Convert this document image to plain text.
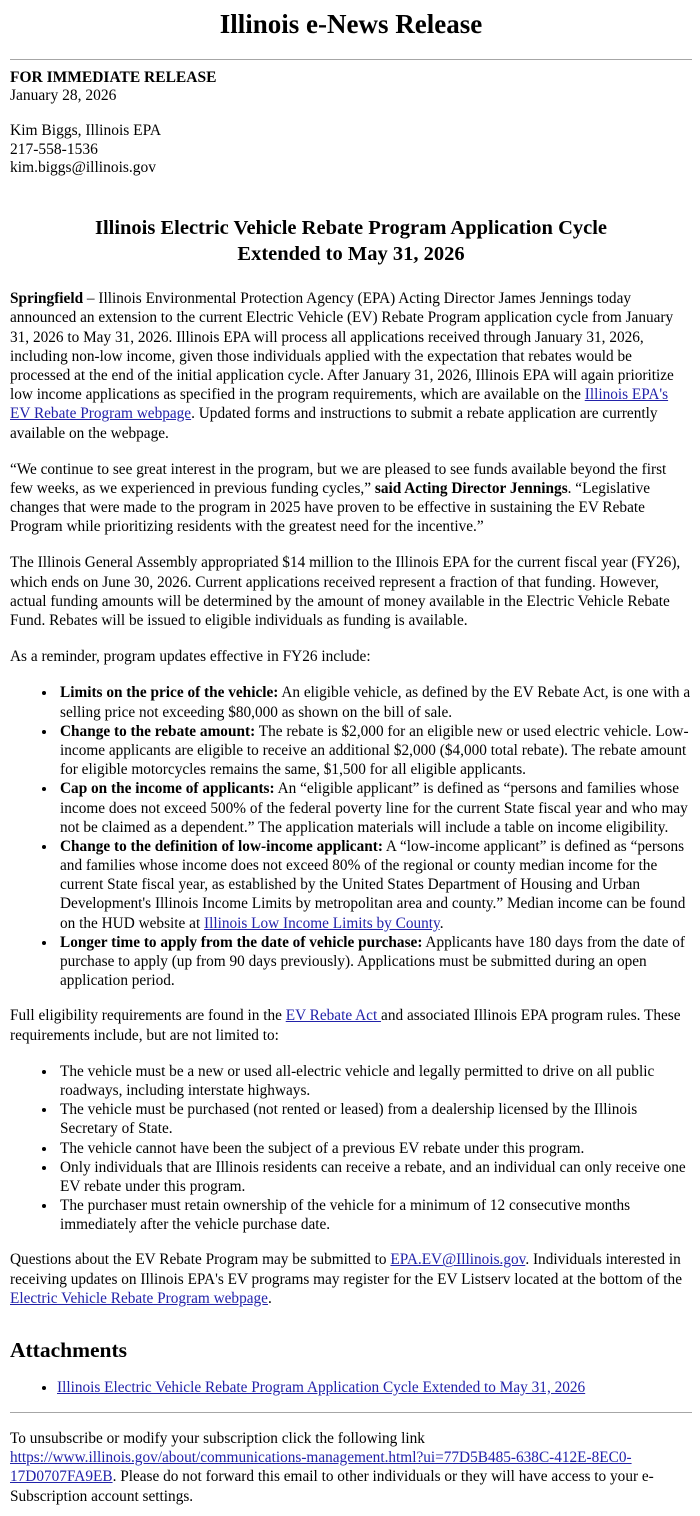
Illinois e-News Release
FOR IMMEDIATE RELEASE
January 28, 2026
Kim Biggs, Illinois EPA
217-558-1536
kim.biggs@illinois.gov
Illinois Electric Vehicle Rebate Program Application Cycle
Extended to May 31, 2026

Springfield – Illinois Environmental Protection Agency (EPA) Acting Director James Jennings today announced an extension to the current Electric Vehicle (EV) Rebate Program application cycle from January 31, 2026 to May 31, 2026. Illinois EPA will process all applications received through January 31, 2026, including non-low income, given those individuals applied with the expectation that rebates would be processed at the end of the initial application cycle. After January 31, 2026, Illinois EPA will again prioritize low income applications as specified in the program requirements, which are available on the Illinois EPA's EV Rebate Program webpage. Updated forms and instructions to submit a rebate application are currently available on the webpage.

“We continue to see great interest in the program, but we are pleased to see funds available beyond the first few weeks, as we experienced in previous funding cycles,” said Acting Director Jennings. “Legislative changes that were made to the program in 2025 have proven to be effective in sustaining the EV Rebate Program while prioritizing residents with the greatest need for the incentive.”

The Illinois General Assembly appropriated $14 million to the Illinois EPA for the current fiscal year (FY26), which ends on June 30, 2026. Current applications received represent a fraction of that funding. However, actual funding amounts will be determined by the amount of money available in the Electric Vehicle Rebate Fund. Rebates will be issued to eligible individuals as funding is available.

As a reminder, program updates effective in FY26 include:

• Limits on the price of the vehicle: An eligible vehicle, as defined by the EV Rebate Act, is one with a selling price not exceeding $80,000 as shown on the bill of sale.
• Change to the rebate amount: The rebate is $2,000 for an eligible new or used electric vehicle. Low-income applicants are eligible to receive an additional $2,000 ($4,000 total rebate). The rebate amount for eligible motorcycles remains the same, $1,500 for all eligible applicants.
• Cap on the income of applicants: An “eligible applicant” is defined as “persons and families whose income does not exceed 500% of the federal poverty line for the current State fiscal year and who may not be claimed as a dependent.” The application materials will include a table on income eligibility.
• Change to the definition of low-income applicant: A “low-income applicant” is defined as “persons and families whose income does not exceed 80% of the regional or county median income for the current State fiscal year, as established by the United States Department of Housing and Urban Development's Illinois Income Limits by metropolitan area and county.” Median income can be found on the HUD website at Illinois Low Income Limits by County.
• Longer time to apply from the date of vehicle purchase: Applicants have 180 days from the date of purchase to apply (up from 90 days previously). Applications must be submitted during an open application period.

Full eligibility requirements are found in the EV Rebate Act and associated Illinois EPA program rules. These requirements include, but are not limited to:

• The vehicle must be a new or used all-electric vehicle and legally permitted to drive on all public roadways, including interstate highways.
• The vehicle must be purchased (not rented or leased) from a dealership licensed by the Illinois Secretary of State.
• The vehicle cannot have been the subject of a previous EV rebate under this program.
• Only individuals that are Illinois residents can receive a rebate, and an individual can only receive one EV rebate under this program.
• The purchaser must retain ownership of the vehicle for a minimum of 12 consecutive months immediately after the vehicle purchase date.

Questions about the EV Rebate Program may be submitted to EPA.EV@Illinois.gov. Individuals interested in receiving updates on Illinois EPA's EV programs may register for the EV Listserv located at the bottom of the Electric Vehicle Rebate Program webpage.

Attachments
• Illinois Electric Vehicle Rebate Program Application Cycle Extended to May 31, 2026

To unsubscribe or modify your subscription click the following link https://www.illinois.gov/about/communications-management.html?ui=77D5B485-638C-412E-8EC0-17D0707FA9EB. Please do not forward this email to other individuals or they will have access to your e-Subscription account settings.
